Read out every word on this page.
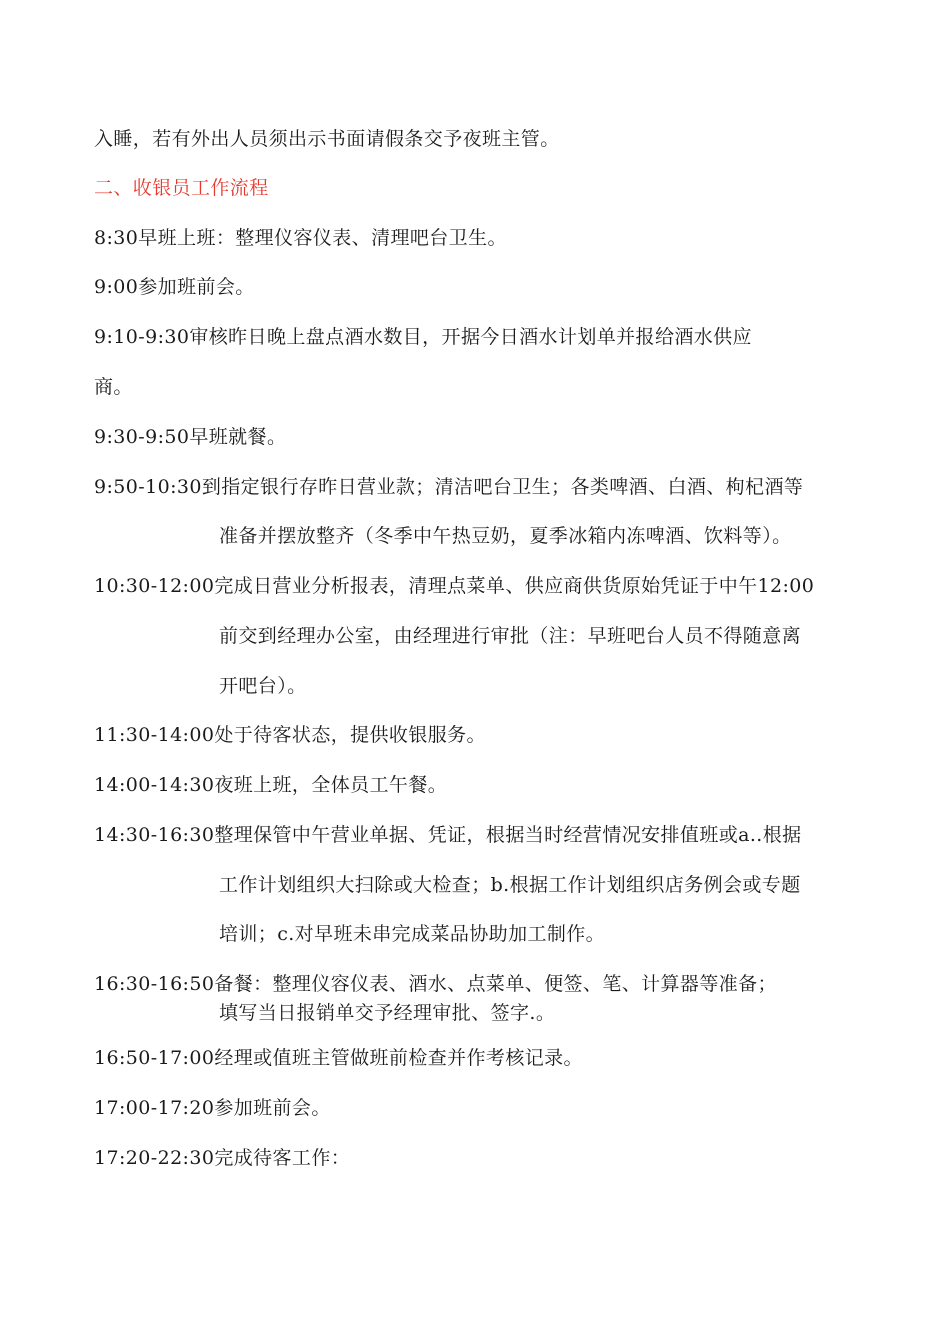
入睡，若有外出人员须出示书面请假条交予夜班主管。
二、收银员工作流程
8:30早班上班：整理仪容仪表、清理吧台卫生。
9:00参加班前会。
9:10-9:30审核昨日晚上盘点酒水数目，开据今日酒水计划单并报给酒水供应
商。
9:30-9:50早班就餐。
9:50-10:30到指定银行存昨日营业款；清洁吧台卫生；各类啤酒、白酒、枸杞酒等
准备并摆放整齐（冬季中午热豆奶，夏季冰箱内冻啤酒、饮料等）。
10:30-12:00完成日营业分析报表，清理点菜单、供应商供货原始凭证于中午12:00
前交到经理办公室，由经理进行审批（注：早班吧台人员不得随意离
开吧台）。
11:30-14:00处于待客状态，提供收银服务。
14:00-14:30夜班上班，全体员工午餐。
14:30-16:30整理保管中午营业单据、凭证，根据当时经营情况安排值班或a..根据
工作计划组织大扫除或大检查；b.根据工作计划组织店务例会或专题
培训；c.对早班未串完成菜品协助加工制作。
16:30-16:50备餐：整理仪容仪表、酒水、点菜单、便签、笔、计算器等准备；
填写当日报销单交予经理审批、签字.。
16:50-17:00经理或值班主管做班前检查并作考核记录。
17:00-17:20参加班前会。
17:20-22:30完成待客工作：
